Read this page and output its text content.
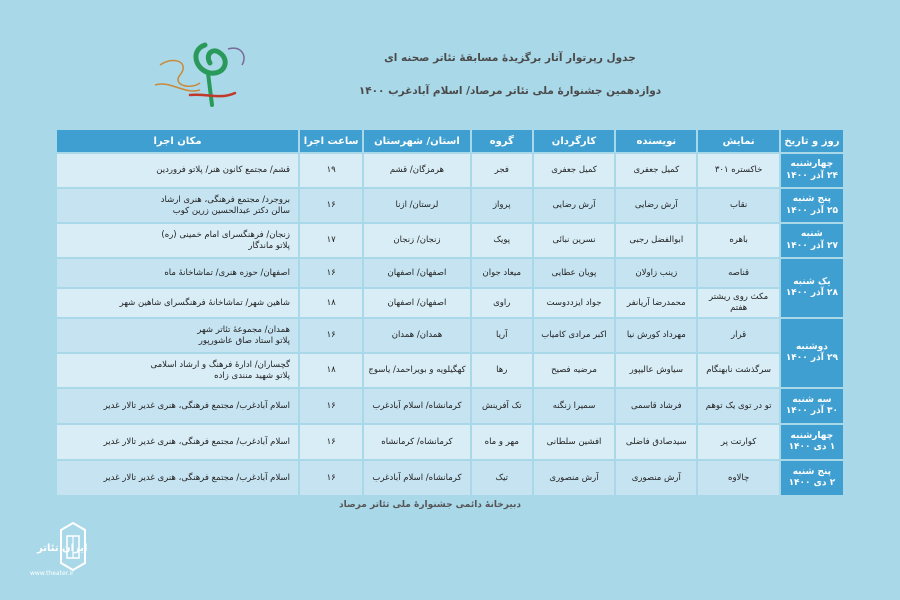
جدول رپرتوار آثار برگزیدهٔ مسابقهٔ تئاتر صحنه ای
دوازدهمین جشنوارهٔ ملی تئاتر مرصاد/ اسلام آبادغرب ۱۴۰۰
روز و تاریخ	نمایش	نویسنده	کارگردان	گروه	استان/ شهرستان	ساعت اجرا	مکان اجرا
چهارشنبه
۲۴ آذر ۱۴۰۰	خاکستره ۳۰۱	کمیل جعفری	کمیل جعفری	فجر	هرمزگان/ قشم	۱۹	قشم/ مجتمع کانون هنر/ پلاتو فروردین
پنج شنبه
۲۵ آذر ۱۴۰۰	نقاب	آرش رضایی	آرش رضایی	پرواز	لرستان/ ازنا	۱۶	بروجرد/ مجتمع فرهنگی، هنری ارشاد
سالن دکتر عبدالحسین زرین کوب
شنبه
۲۷ آذر ۱۴۰۰	باهره	ابوالفضل رجبی	نسرین نبائی	پویک	زنجان/ زنجان	۱۷	زنجان/ فرهنگسرای امام خمینی (ره)
پلاتو ماندگار
یک شنبه
۲۸ آذر ۱۴۰۰	قناصه	زینب زاولان	پویان عطایی	میعاد جوان	اصفهان/ اصفهان	۱۶	اصفهان/ حوزه هنری/ تماشاخانهٔ ماه
	مکث روی ریشتر هفتم	محمدرضا آریانفر	جواد ایزددوست	راوی	اصفهان/ اصفهان	۱۸	شاهین شهر/ تماشاخانهٔ فرهنگسرای شاهین شهر
دوشنبه
۲۹ آذر ۱۴۰۰	قرار	مهرداد کورش نیا	اکبر مرادی کامیاب	آریا	همدان/ همدان	۱۶	همدان/ مجموعهٔ تئاتر شهر
پلاتو استاد صاق عاشورپور
	سرگذشت نابهنگام	سیاوش عالیپور	مرضیه فصیح	رها	کهگیلویه و بویراحمد/ یاسوج	۱۸	گچساران/ ادارهٔ فرهنگ و ارشاد اسلامی
پلاتو شهید منندی زاده
سه شنبه
۳۰ آذر ۱۴۰۰	تو در توی یک توهم	فرشاد قاسمی	سمیرا زنگنه	تک آفرینش	کرمانشاه/ اسلام آبادغرب	۱۶	اسلام آبادغرب/ مجتمع فرهنگی، هنری غدیر تالار غدیر
چهارشنبه
۱ دی ۱۴۰۰	کوارتت پر	سیدصادق فاضلی	افشین سلطانی	مهر و ماه	کرمانشاه/ کرمانشاه	۱۶	اسلام آبادغرب/ مجتمع فرهنگی، هنری غدیر تالار غدیر
پنج شنبه
۲ دی ۱۴۰۰	چالاوه	آرش منصوری	آرش منصوری	تیک	کرمانشاه/ اسلام آبادغرب	۱۶	اسلام آبادغرب/ مجتمع فرهنگی، هنری غدیر تالار غدیر
دبیرخانهٔ دائمی جشنوارهٔ ملی تئاتر مرصاد
ایران تئاتر
www.theater.ir
